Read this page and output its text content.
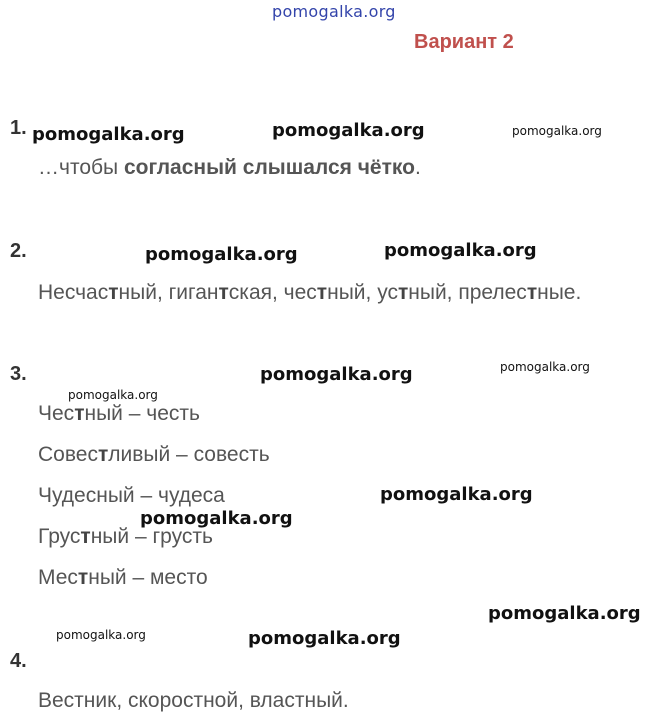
pomogalka.org
Вариант 2
1.
…чтобы согласный слышался чётко.
2.
Несчастный, гигантская, честный, устный, прелестные.
3.
Честный – честь
Совестливый – совесть
Чудесный – чудеса
Грустный – грусть
Местный – место
4.
Вестник, скоростной, властный.
pomogalka.org	pomogalka.org	pomogalka.org
pomogalka.org	pomogalka.org
pomogalka.org	pomogalka.org
pomogalka.org
pomogalka.org
pomogalka.org
pomogalka.org
pomogalka.org	pomogalka.org
